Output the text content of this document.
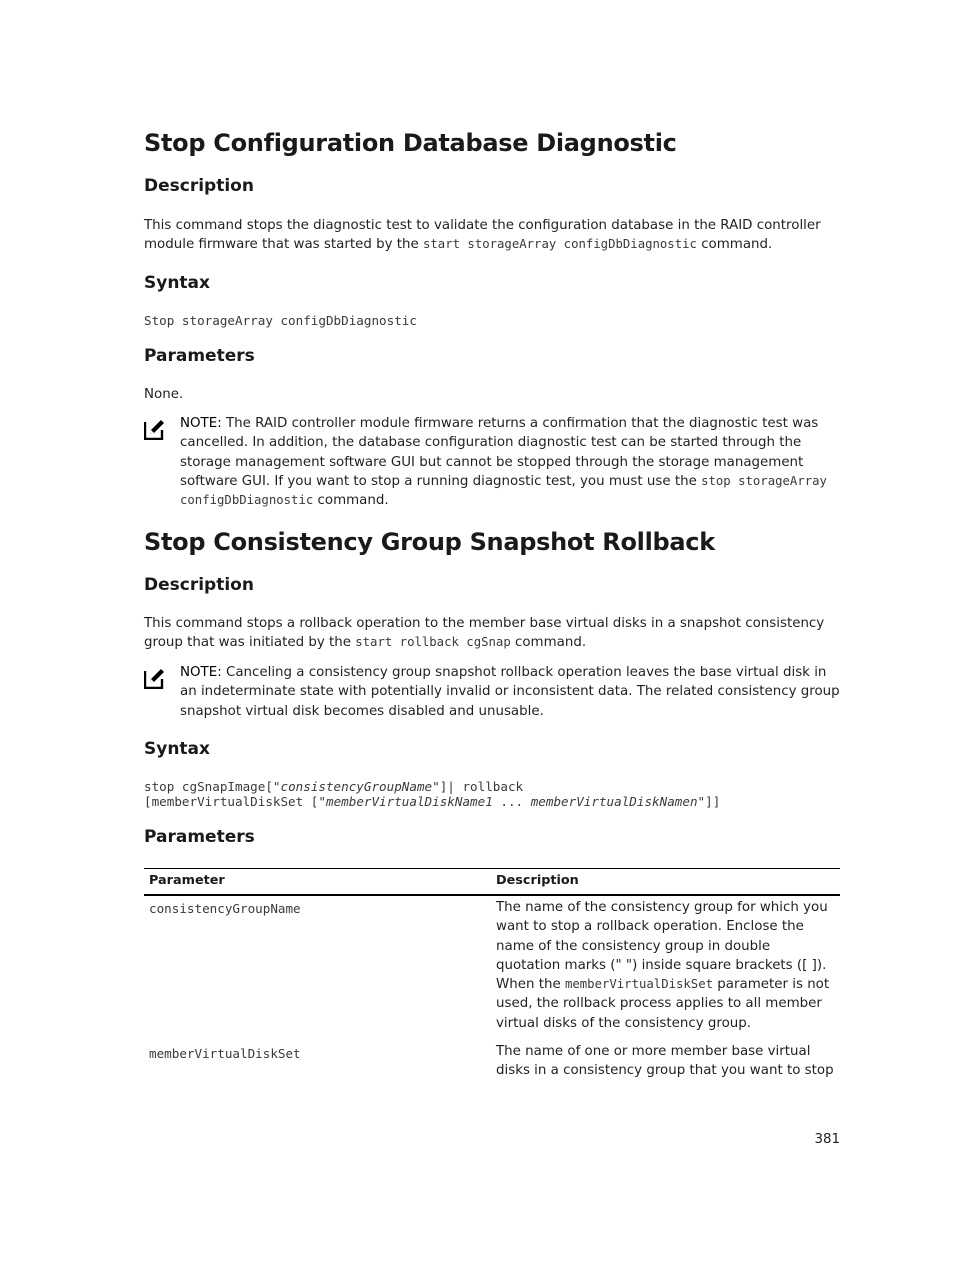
Stop Configuration Database Diagnostic
Description
This command stops the diagnostic test to validate the configuration database in the RAID controller module firmware that was started by the start storageArray configDbDiagnostic command.
Syntax
Stop storageArray configDbDiagnostic
Parameters
None.
NOTE: The RAID controller module firmware returns a confirmation that the diagnostic test was cancelled. In addition, the database configuration diagnostic test can be started through the storage management software GUI but cannot be stopped through the storage management software GUI. If you want to stop a running diagnostic test, you must use the stop storageArray configDbDiagnostic command.
Stop Consistency Group Snapshot Rollback
Description
This command stops a rollback operation to the member base virtual disks in a snapshot consistency group that was initiated by the start rollback cgSnap command.
NOTE: Canceling a consistency group snapshot rollback operation leaves the base virtual disk in an indeterminate state with potentially invalid or inconsistent data. The related consistency group snapshot virtual disk becomes disabled and unusable.
Syntax
stop cgSnapImage["consistencyGroupName"]| rollback
[memberVirtualDiskSet ["memberVirtualDiskName1 ... memberVirtualDiskNamen"]]
Parameters
Parameter	Description
consistencyGroupName	The name of the consistency group for which you want to stop a rollback operation. Enclose the name of the consistency group in double quotation marks (" ") inside square brackets ([ ]). When the memberVirtualDiskSet parameter is not used, the rollback process applies to all member virtual disks of the consistency group.
memberVirtualDiskSet	The name of one or more member base virtual disks in a consistency group that you want to stop
381
